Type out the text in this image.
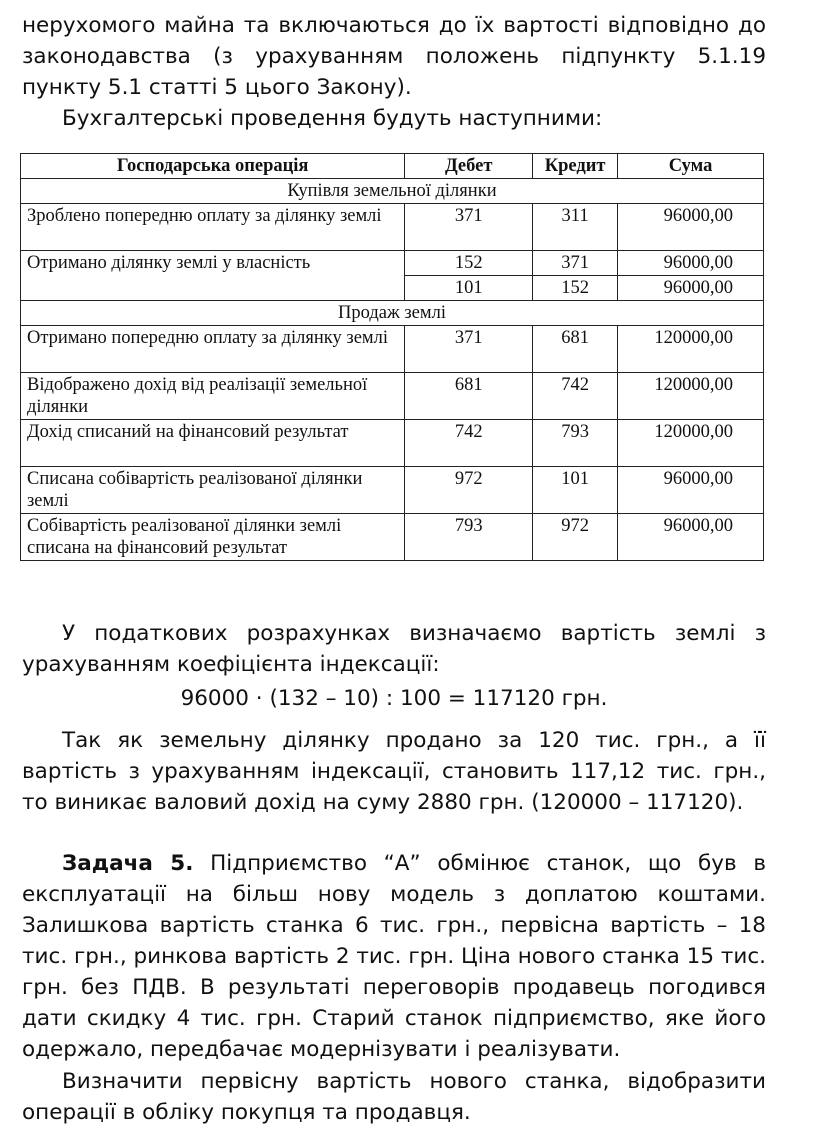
нерухомого майна та включаються до їх вартості відповідно до законодавства (з урахуванням положень підпункту 5.1.19 пункту 5.1 статті 5 цього Закону).

Бухгалтерські проведення будуть наступними:

Господарська операція	Дебет	Кредит	Сума
Купівля земельної ділянки			
Зроблено попередню оплату за ділянку землі	371	311	96000,00
Отримано ділянку землі у власність	152	371	96000,00
	101	152	96000,00
Продаж землі			
Отримано попередню оплату за ділянку землі	371	681	120000,00
Відображено дохід від реалізації земельної ділянки	681	742	120000,00
Дохід списаний на фінансовий результат	742	793	120000,00
Списана собівартість реалізованої ділянки землі	972	101	96000,00
Собівартість реалізованої ділянки землі списана на фінансовий результат	793	972	96000,00

У податкових розрахунках визначаємо вартість землі з урахуванням коефіцієнта індексації:

96000 · (132 – 10) : 100 = 117120 грн.

Так як земельну ділянку продано за 120 тис. грн., а її вартість з урахуванням індексації, становить 117,12 тис. грн., то виникає валовий дохід на суму 2880 грн. (120000 – 117120).

Задача 5. Підприємство “А” обмінює станок, що був в експлуатації на більш нову модель з доплатою коштами. Залишкова вартість станка 6 тис. грн., первісна вартість – 18 тис. грн., ринкова вартість 2 тис. грн. Ціна нового станка 15 тис. грн. без ПДВ. В результаті переговорів продавець погодився дати скидку 4 тис. грн. Старий станок підприємство, яке його одержало, передбачає модернізувати і реалізувати.

Визначити первісну вартість нового станка, відобразити операції в обліку покупця та продавця.
